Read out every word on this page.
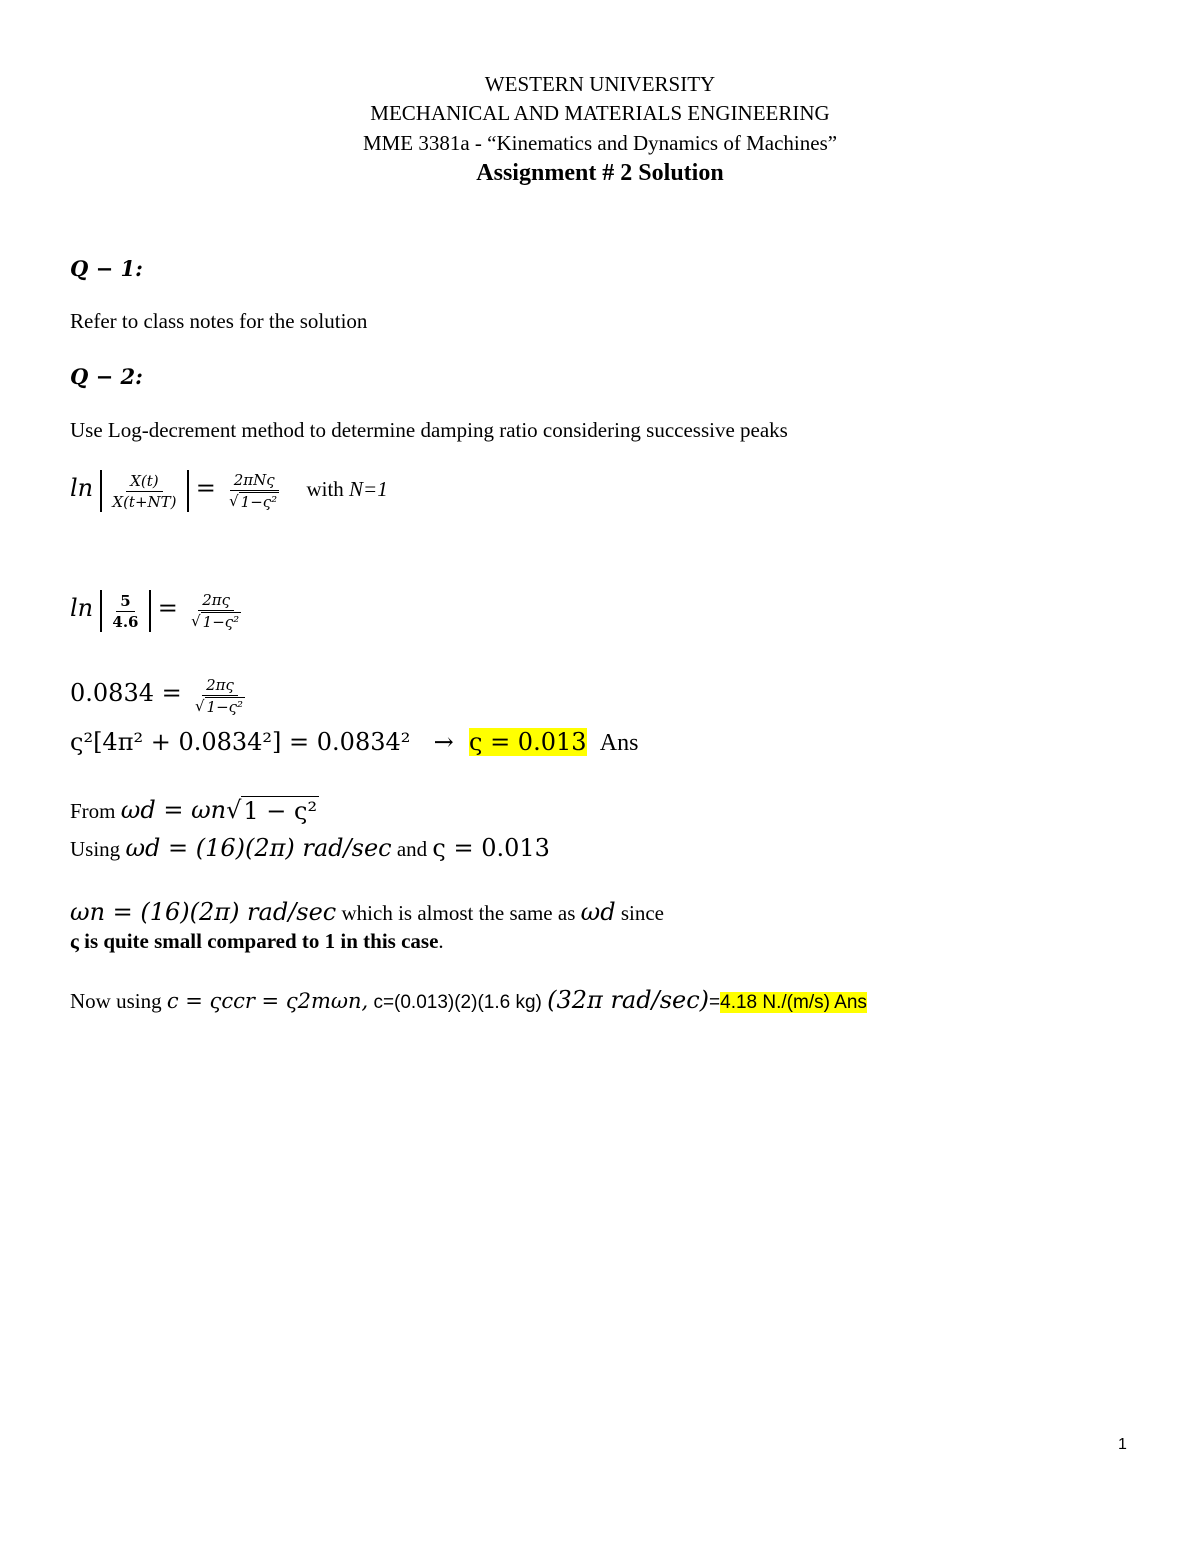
WESTERN UNIVERSITY
MECHANICAL AND MATERIALS ENGINEERING
MME 3381a - “Kinematics and Dynamics of Machines”
Assignment # 2 Solution
Q − 1:
Refer to class notes for the solution
Q − 2:
Use Log-decrement method to determine damping ratio considering successive peaks
$\ln \frac{X(t)}{X(t+NT)} = \frac{\text{2πNς}}{\text{√ 1−ς²}}$ with N=1
$\ln \frac{5}{4.6} = \frac{2\pi\varsigma}{\text{√ 1−ς²}}$
$0.0834 = \frac{2\pi\varsigma}{\text{√ 1−ς²}}$
ς²[4π² + 0.0834²] = 0.0834² → ς = 0.013 Ans
From ωd = ωn √ 1 − ς²
Using ωd = (16)(2π) rad/sec and ς = 0.013
ωn = (16)(2π) rad/sec which is almost the same as ωd since
ς is quite small compared to 1 in this case.
Now using c = ςccr = ς2mωn, c=(0.013)(2)(1.6 kg) (32π rad/sec)=4.18 N./(m/s) Ans
1
